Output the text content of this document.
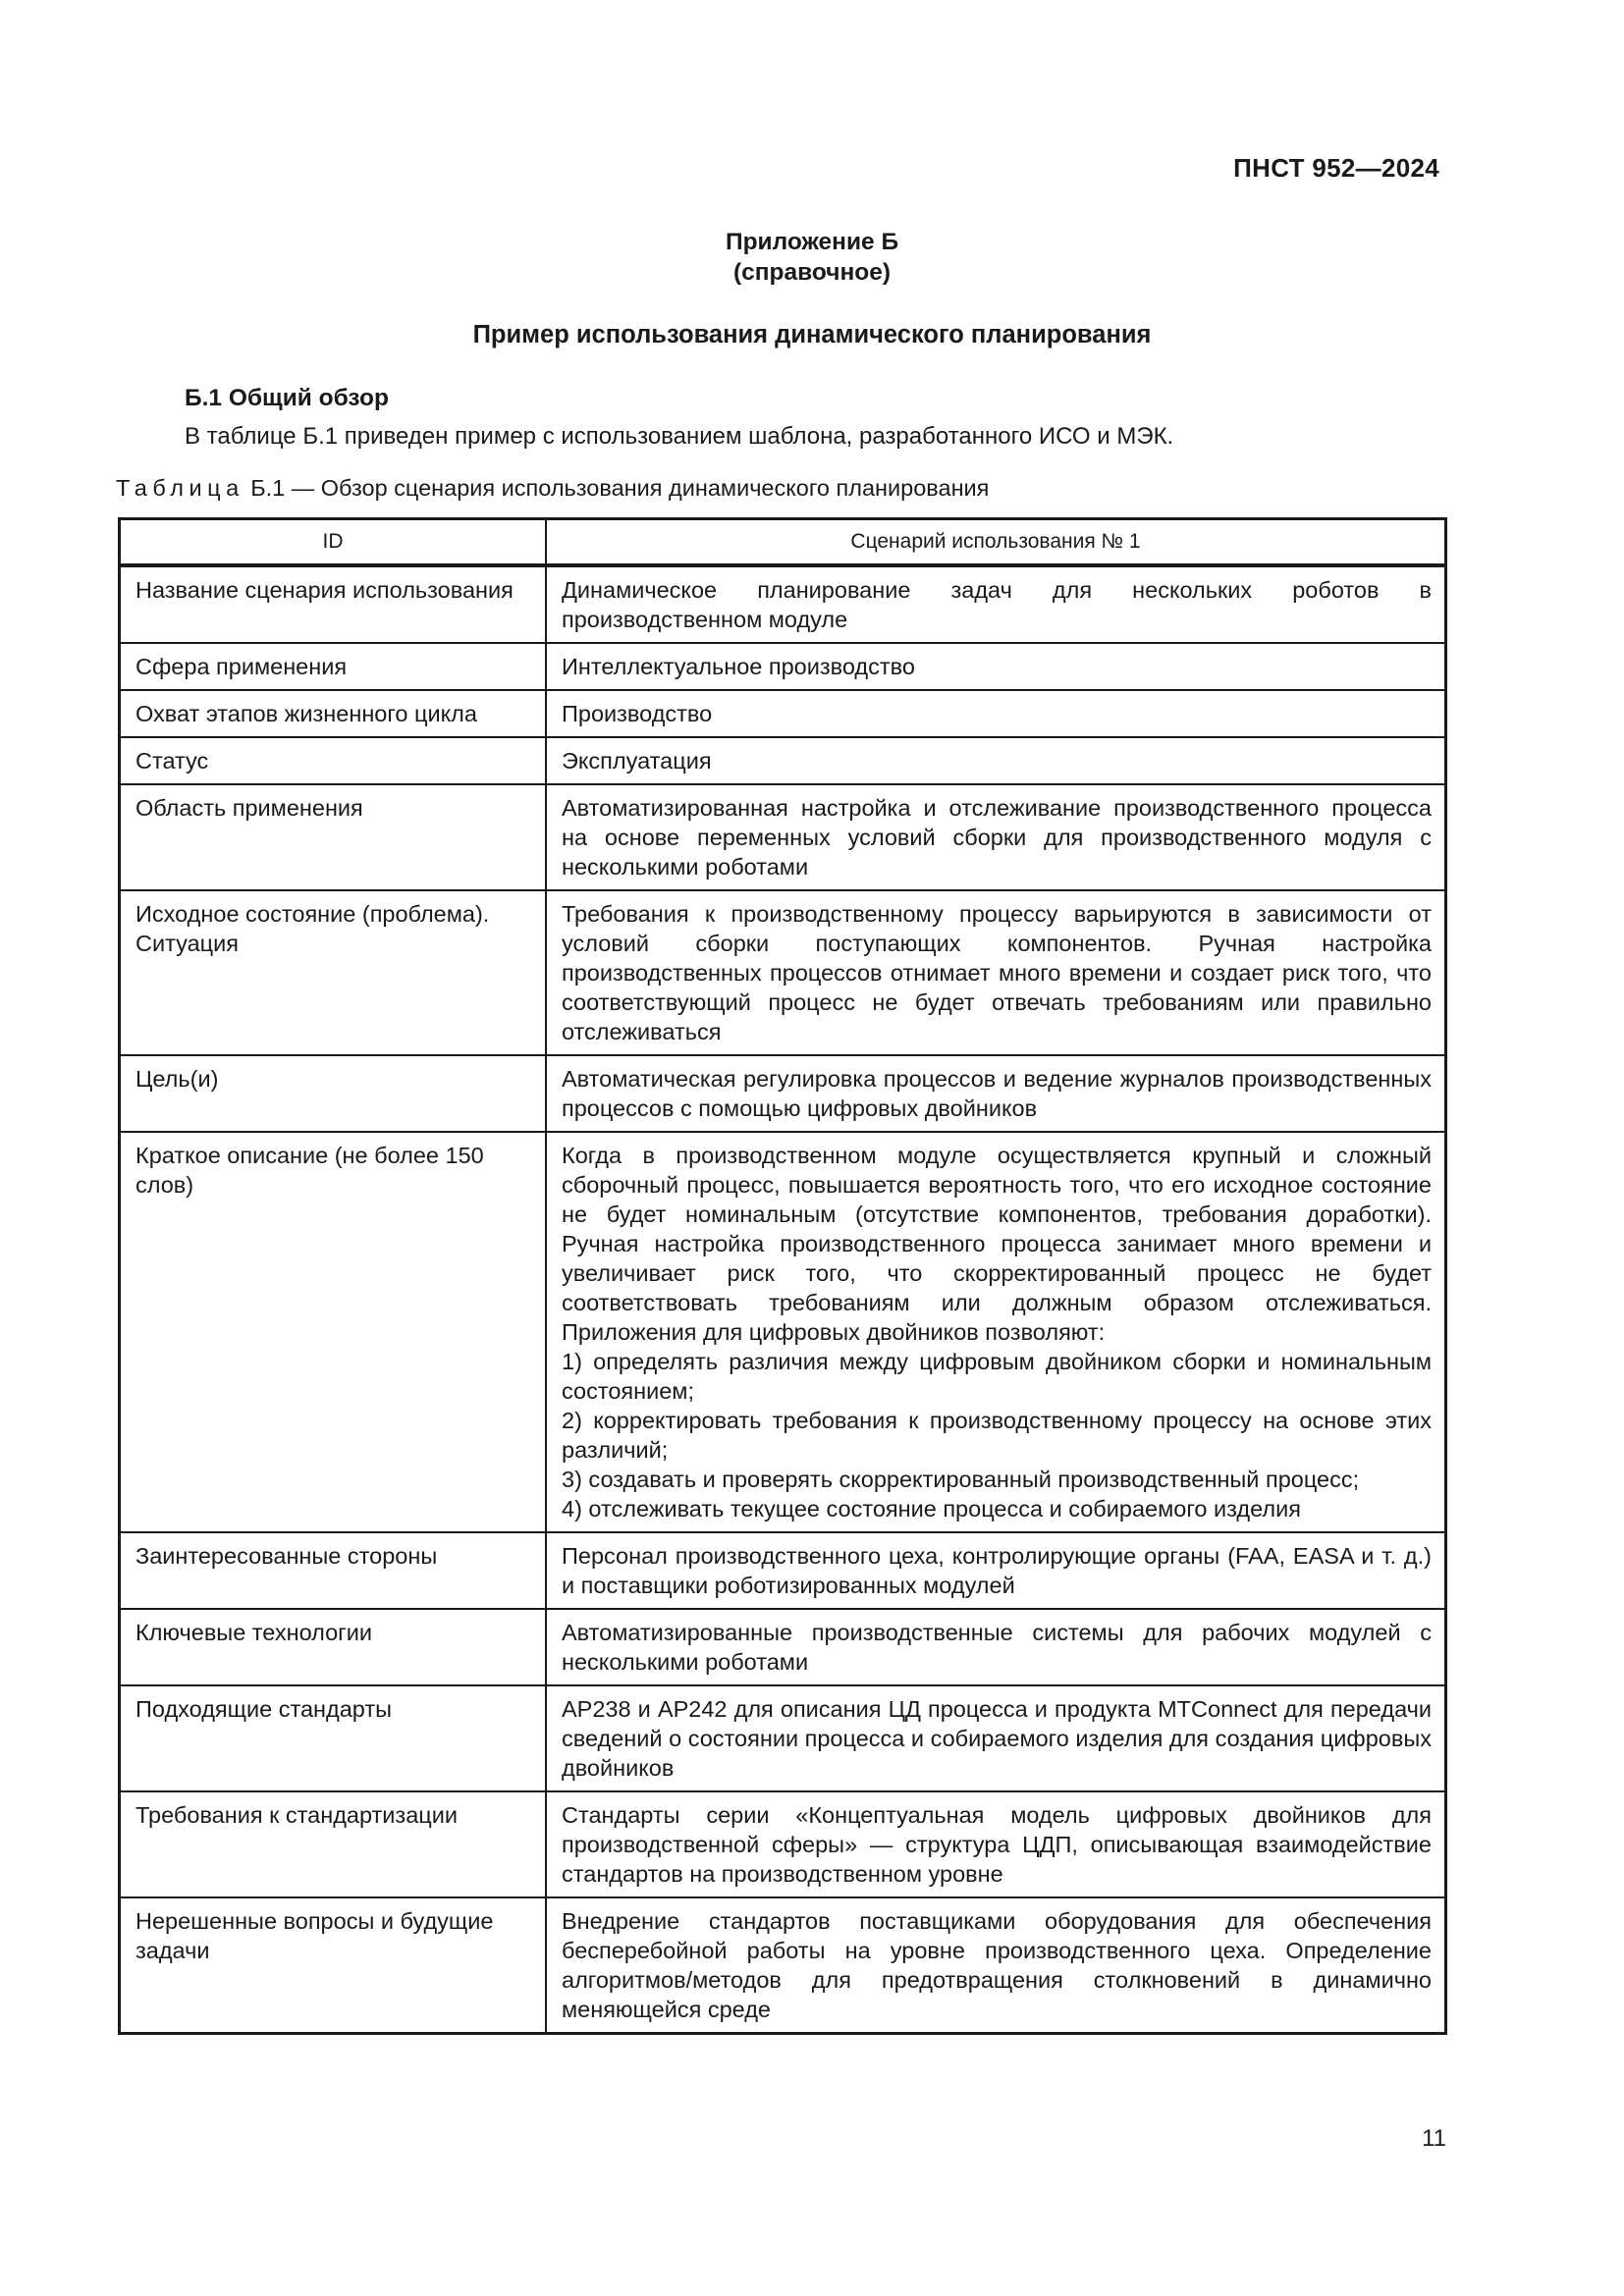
ПНСТ 952—2024
Приложение Б
(справочное)
Пример использования динамического планирования
Б.1 Общий обзор
В таблице Б.1 приведен пример с использованием шаблона, разработанного ИСО и МЭК.
Таблица Б.1 — Обзор сценария использования динамического планирования
ID	Сценарий использования № 1
Название сценария использования	Динамическое планирование задач для нескольких роботов в производственном модуле
Сфера применения	Интеллектуальное производство
Охват этапов жизненного цикла	Производство
Статус	Эксплуатация
Область применения	Автоматизированная настройка и отслеживание производственного процесса на основе переменных условий сборки для производственного модуля с несколькими роботами
Исходное состояние (проблема). Ситуация	Требования к производственному процессу варьируются в зависимости от условий сборки поступающих компонентов. Ручная настройка производственных процессов отнимает много времени и создает риск того, что соответствующий процесс не будет отвечать требованиям или правильно отслеживаться
Цель(и)	Автоматическая регулировка процессов и ведение журналов производственных процессов с помощью цифровых двойников
Краткое описание (не более 150 слов)	Когда в производственном модуле осуществляется крупный и сложный сборочный процесс, повышается вероятность того, что его исходное состояние не будет номинальным (отсутствие компонентов, требования доработки). Ручная настройка производственного процесса занимает много времени и увеличивает риск того, что скорректированный процесс не будет соответствовать требованиям или должным образом отслеживаться. Приложения для цифровых двойников позволяют:
1) определять различия между цифровым двойником сборки и номинальным состоянием;
2) корректировать требования к производственному процессу на основе этих различий;
3) создавать и проверять скорректированный производственный процесс;
4) отслеживать текущее состояние процесса и собираемого изделия

Заинтересованные стороны	Персонал производственного цеха, контролирующие органы (FAA, EASA и т. д.) и поставщики роботизированных модулей
Ключевые технологии	Автоматизированные производственные системы для рабочих модулей с несколькими роботами
Подходящие стандарты	AP238 и AP242 для описания ЦД процесса и продукта MTConnect для передачи сведений о состоянии процесса и собираемого изделия для создания цифровых двойников
Требования к стандартизации	Стандарты серии «Концептуальная модель цифровых двойников для производственной сферы» — структура ЦДП, описывающая взаимодействие стандартов на производственном уровне
Нерешенные вопросы и будущие задачи	Внедрение стандартов поставщиками оборудования для обеспечения бесперебойной работы на уровне производственного цеха. Определение алгоритмов/методов для предотвращения столкновений в динамично меняющейся среде
11
